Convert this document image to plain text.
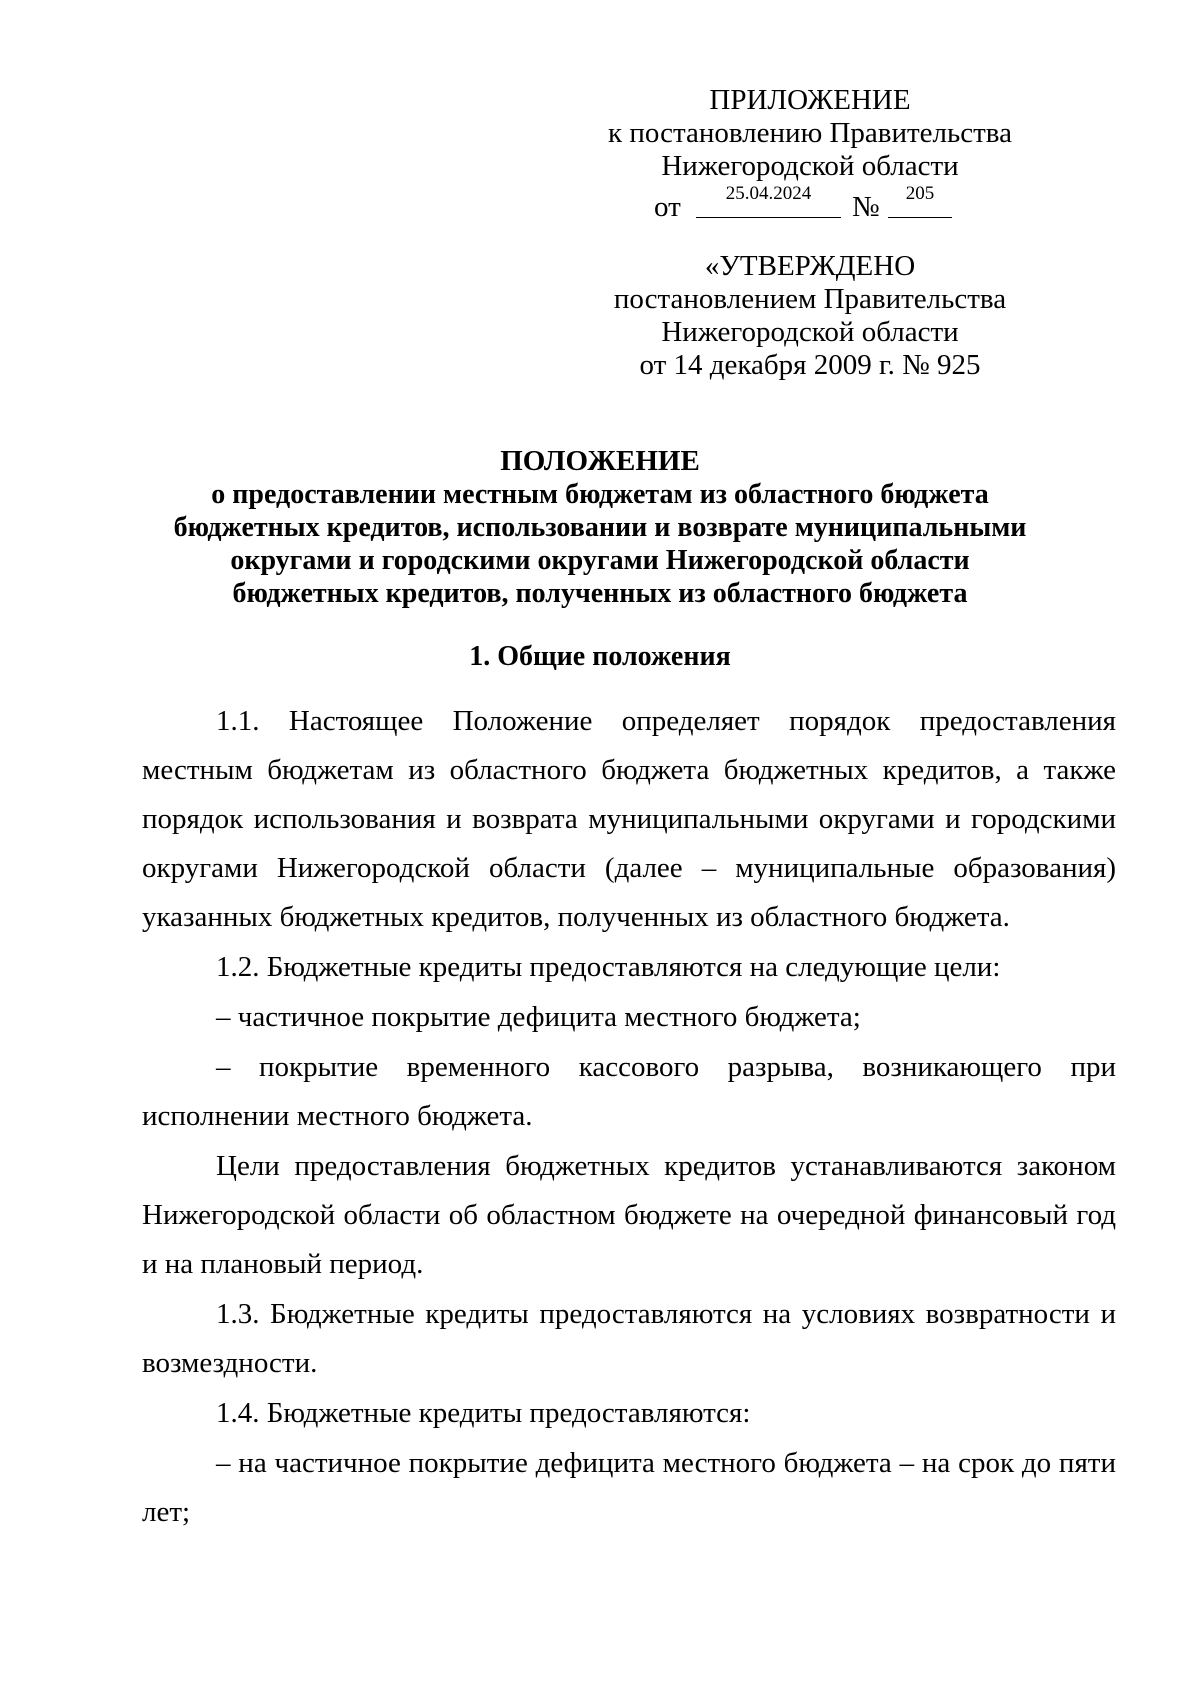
ПРИЛОЖЕНИЕ
к постановлению Правительства
Нижегородской области
от	25.04.2024	№	205
«УТВЕРЖДЕНО
постановлением Правительства
Нижегородской области
от 14 декабря 2009 г. № 925
ПОЛОЖЕНИЕ
о предоставлении местным бюджетам из областного бюджета
бюджетных кредитов, использовании и возврате муниципальными
округами и городскими округами Нижегородской области
бюджетных кредитов, полученных из областного бюджета
1. Общие положения

1.1. Настоящее Положение определяет порядок предоставления местным бюджетам из областного бюджета бюджетных кредитов, а также порядок использования и возврата муниципальными округами и городскими округами Нижегородской области (далее – муниципальные образования) указанных бюджетных кредитов, полученных из областного бюджета.

1.2. Бюджетные кредиты предоставляются на следующие цели:

– частичное покрытие дефицита местного бюджета;

– покрытие временного кассового разрыва, возникающего при исполнении местного бюджета.

Цели предоставления бюджетных кредитов устанавливаются законом Нижегородской области об областном бюджете на очередной финансовый год и на плановый период.

1.3. Бюджетные кредиты предоставляются на условиях возвратности и возмездности.

1.4. Бюджетные кредиты предоставляются:

– на частичное покрытие дефицита местного бюджета – на срок до пяти лет;
